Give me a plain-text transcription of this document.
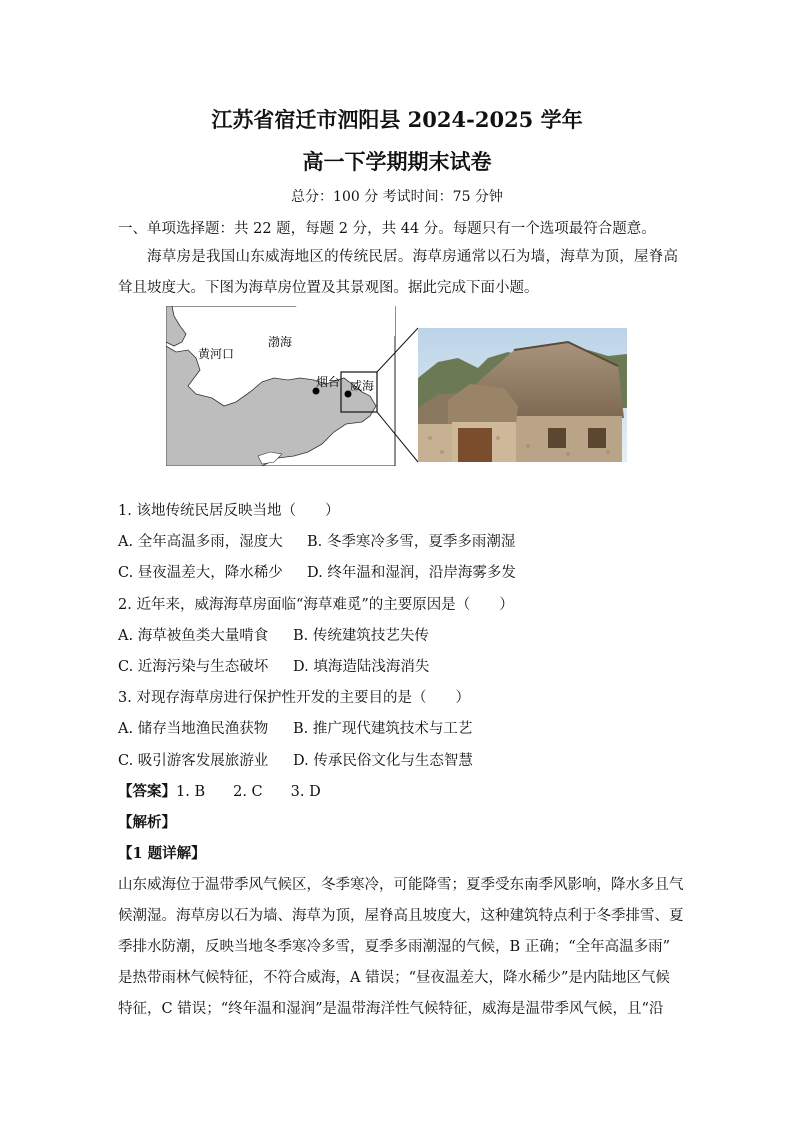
江苏省宿迁市泗阳县 2024-2025 学年
高一下学期期末试卷
总分：100 分 考试时间：75 分钟
一、单项选择题：共 22 题，每题 2 分，共 44 分。每题只有一个选项最符合题意。
海草房是我国山东威海地区的传统民居。海草房通常以石为墙，海草为顶，屋脊高耸且坡度大。下图为海草房位置及其景观图。据此完成下面小题。
渤海
黄河口
烟台 威海
1. 该地传统民居反映当地（　　）
A. 全年高温多雨，湿度大 B. 冬季寒冷多雪，夏季多雨潮湿
C. 昼夜温差大，降水稀少 D. 终年温和湿润，沿岸海雾多发
2. 近年来，威海海草房面临“海草难觅”的主要原因是（　　）
A. 海草被鱼类大量啃食 B. 传统建筑技艺失传
C. 近海污染与生态破坏 D. 填海造陆浅海消失
3. 对现存海草房进行保护性开发的主要目的是（　　）
A. 储存当地渔民渔获物 B. 推广现代建筑技术与工艺
C. 吸引游客发展旅游业 D. 传承民俗文化与生态智慧
【答案】1. B 2. C 3. D
【解析】
【1 题详解】
山东威海位于温带季风气候区，冬季寒冷，可能降雪；夏季受东南季风影响，降水多且气
候潮湿。海草房以石为墙、海草为顶，屋脊高且坡度大，这种建筑特点利于冬季排雪、夏
季排水防潮，反映当地冬季寒冷多雪，夏季多雨潮湿的气候，B 正确；“全年高温多雨”
是热带雨林气候特征，不符合威海，A 错误；“昼夜温差大，降水稀少”是内陆地区气候
特征，C 错误；“终年温和湿润”是温带海洋性气候特征，威海是温带季风气候，且“沿
